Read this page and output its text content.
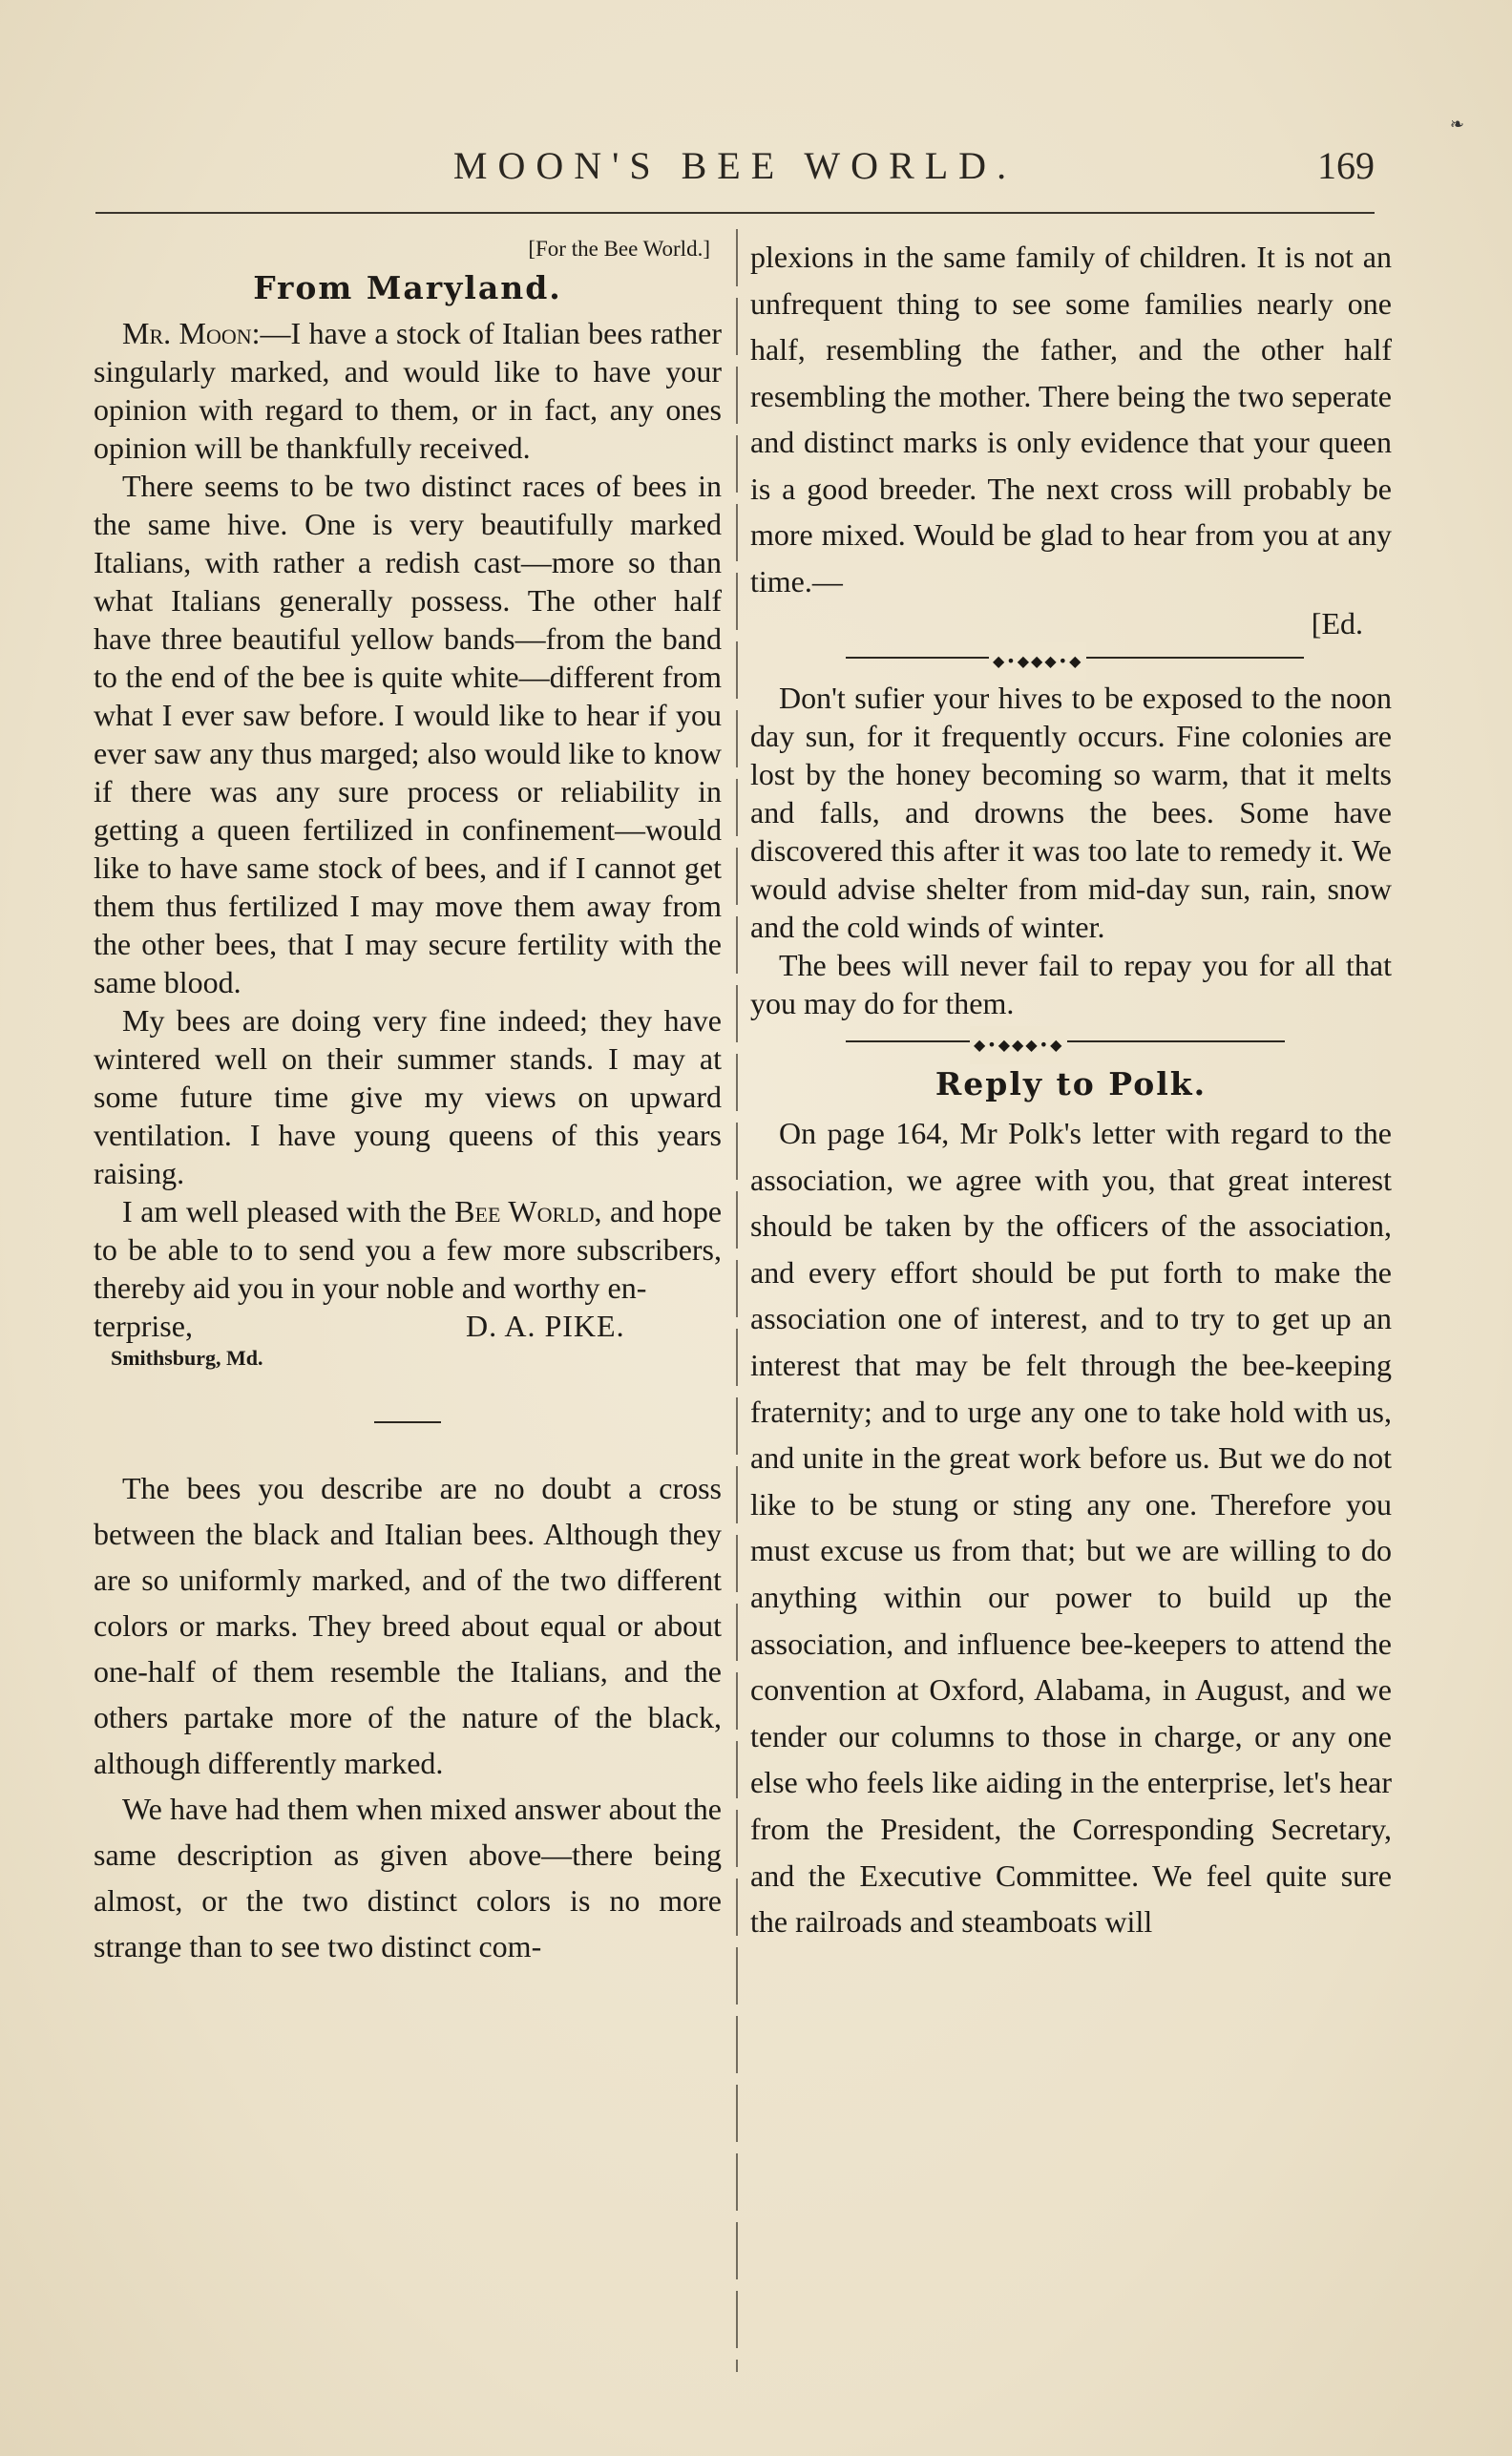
❧
MOON'S BEE WORLD.	169
[For the Bee World.]
From Maryland.

Mr. Moon:—I have a stock of Italian bees rather singularly marked, and would like to have your opinion with regard to them, or in fact, any ones opinion will be thankfully received.

There seems to be two distinct races of bees in the same hive. One is very beautifully marked Italians, with rather a redish cast—more so than what Italians generally possess. The other half have three beautiful yellow bands—from the band to the end of the bee is quite white—different from what I ever saw before. I would like to hear if you ever saw any thus marged; also would like to know if there was any sure process or reliability in getting a queen fertilized in confinement—would like to have same stock of bees, and if I cannot get them thus fertilized I may move them away from the other bees, that I may secure fertility with the same blood.

My bees are doing very fine indeed; they have wintered well on their summer stands. I may at some future time give my views on upward ventilation. I have young queens of this years raising.

I am well pleased with the Bee World, and hope to be able to to send you a few more subscribers, thereby aid you in your noble and worthy en-

terprise,	D. A. PIKE.
Smithsburg, Md.

The bees you describe are no doubt a cross between the black and Italian bees. Although they are so uniformly marked, and of the two different colors or marks. They breed about equal or about one-half of them resemble the Italians, and the others partake more of the nature of the black, although differently marked.

We have had them when mixed answer about the same description as given above—there being almost, or the two distinct colors is no more strange than to see two distinct com-

plexions in the same family of children. It is not an unfrequent thing to see some families nearly one half, resembling the father, and the other half resembling the mother. There being the two seperate and distinct marks is only evidence that your queen is a good breeder. The next cross will probably be more mixed. Would be glad to hear from you at any time.—

[Ed.
◆•◆◆◆•◆

Don't sufier your hives to be exposed to the noon day sun, for it frequently occurs. Fine colonies are lost by the honey becoming so warm, that it melts and falls, and drowns the bees. Some have discovered this after it was too late to remedy it. We would advise shelter from mid-day sun, rain, snow and the cold winds of winter.

The bees will never fail to repay you for all that you may do for them.

◆•◆◆◆•◆
Reply to Polk.

On page 164, Mr Polk's letter with regard to the association, we agree with you, that great interest should be taken by the officers of the association, and every effort should be put forth to make the association one of interest, and to try to get up an interest that may be felt through the bee-keeping fraternity; and to urge any one to take hold with us, and unite in the great work before us. But we do not like to be stung or sting any one. Therefore you must excuse us from that; but we are willing to do anything within our power to build up the association, and influence bee-keepers to attend the convention at Oxford, Alabama, in August, and we tender our columns to those in charge, or any one else who feels like aiding in the enterprise, let's hear from the President, the Corresponding Secretary, and the Executive Committee. We feel quite sure the railroads and steamboats will
